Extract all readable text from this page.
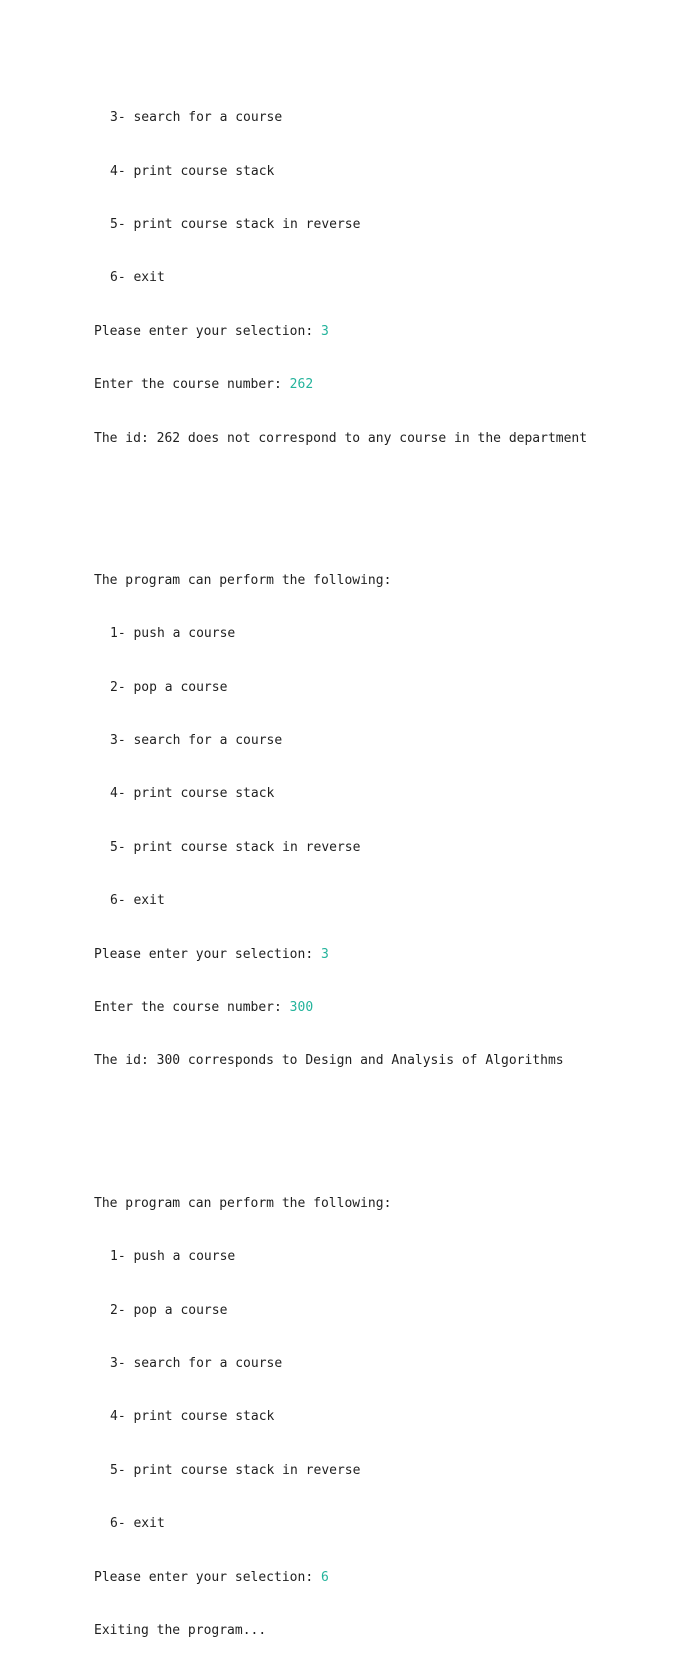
3- search for a course

4- print course stack

5- print course stack in reverse

6- exit

Please enter your selection: 3

Enter the course number: 262

The id: 262 does not correspond to any course in the department

The program can perform the following:

1- push a course

2- pop a course

3- search for a course

4- print course stack

5- print course stack in reverse

6- exit

Please enter your selection: 3

Enter the course number: 300

The id: 300 corresponds to Design and Analysis of Algorithms

The program can perform the following:

1- push a course

2- pop a course

3- search for a course

4- print course stack

5- print course stack in reverse

6- exit

Please enter your selection: 6

Exiting the program...
